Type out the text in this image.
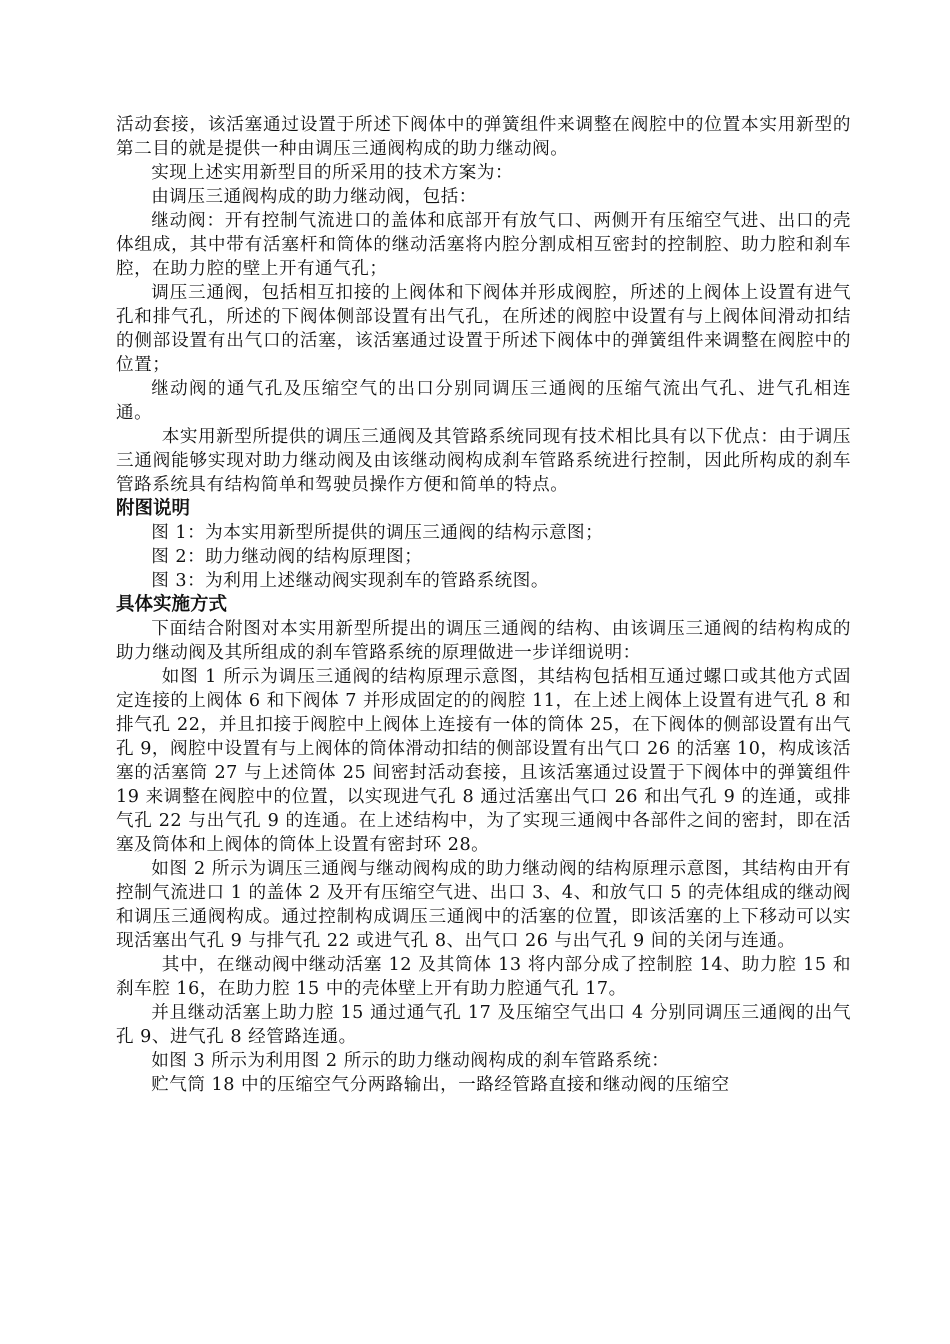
活动套接，该活塞通过设置于所述下阀体中的弹簧组件来调整在阀腔中的位置本实用新型的第二目的就是提供一种由调压三通阀构成的助力继动阀。

实现上述实用新型目的所采用的技术方案为：

由调压三通阀构成的助力继动阀，包括：

继动阀：开有控制气流进口的盖体和底部开有放气口、两侧开有压缩空气进、出口的壳体组成，其中带有活塞杆和筒体的继动活塞将内腔分割成相互密封的控制腔、助力腔和刹车腔，在助力腔的壁上开有通气孔；

调压三通阀，包括相互扣接的上阀体和下阀体并形成阀腔，所述的上阀体上设置有进气孔和排气孔，所述的下阀体侧部设置有出气孔，在所述的阀腔中设置有与上阀体间滑动扣结的侧部设置有出气口的活塞，该活塞通过设置于所述下阀体中的弹簧组件来调整在阀腔中的位置；

继动阀的通气孔及压缩空气的出口分别同调压三通阀的压缩气流出气孔、进气孔相连通。

本实用新型所提供的调压三通阀及其管路系统同现有技术相比具有以下优点：由于调压三通阀能够实现对助力继动阀及由该继动阀构成刹车管路系统进行控制，因此所构成的刹车管路系统具有结构简单和驾驶员操作方便和简单的特点。

附图说明

图 1：为本实用新型所提供的调压三通阀的结构示意图；

图 2：助力继动阀的结构原理图；

图 3：为利用上述继动阀实现刹车的管路系统图。

具体实施方式

下面结合附图对本实用新型所提出的调压三通阀的结构、由该调压三通阀的结构构成的助力继动阀及其所组成的刹车管路系统的原理做进一步详细说明：

如图 1 所示为调压三通阀的结构原理示意图，其结构包括相互通过螺口或其他方式固定连接的上阀体 6 和下阀体 7 并形成固定的的阀腔 11，在上述上阀体上设置有进气孔 8 和排气孔 22，并且扣接于阀腔中上阀体上连接有一体的筒体 25，在下阀体的侧部设置有出气孔 9，阀腔中设置有与上阀体的筒体滑动扣结的侧部设置有出气口 26 的活塞 10，构成该活塞的活塞筒 27 与上述筒体 25 间密封活动套接，且该活塞通过设置于下阀体中的弹簧组件 19 来调整在阀腔中的位置，以实现进气孔 8 通过活塞出气口 26 和出气孔 9 的连通，或排气孔 22 与出气孔 9 的连通。在上述结构中，为了实现三通阀中各部件之间的密封，即在活塞及筒体和上阀体的筒体上设置有密封环 28。

如图 2 所示为调压三通阀与继动阀构成的助力继动阀的结构原理示意图，其结构由开有控制气流进口 1 的盖体 2 及开有压缩空气进、出口 3、4、和放气口 5 的壳体组成的继动阀和调压三通阀构成。通过控制构成调压三通阀中的活塞的位置，即该活塞的上下移动可以实现活塞出气孔 9 与排气孔 22 或进气孔 8、出气口 26 与出气孔 9 间的关闭与连通。

其中，在继动阀中继动活塞 12 及其筒体 13 将内部分成了控制腔 14、助力腔 15 和刹车腔 16，在助力腔 15 中的壳体壁上开有助力腔通气孔 17。

并且继动活塞上助力腔 15 通过通气孔 17 及压缩空气出口 4 分别同调压三通阀的出气孔 9、进气孔 8 经管路连通。

如图 3 所示为利用图 2 所示的助力继动阀构成的刹车管路系统：

贮气筒 18 中的压缩空气分两路输出，一路经管路直接和继动阀的压缩空
